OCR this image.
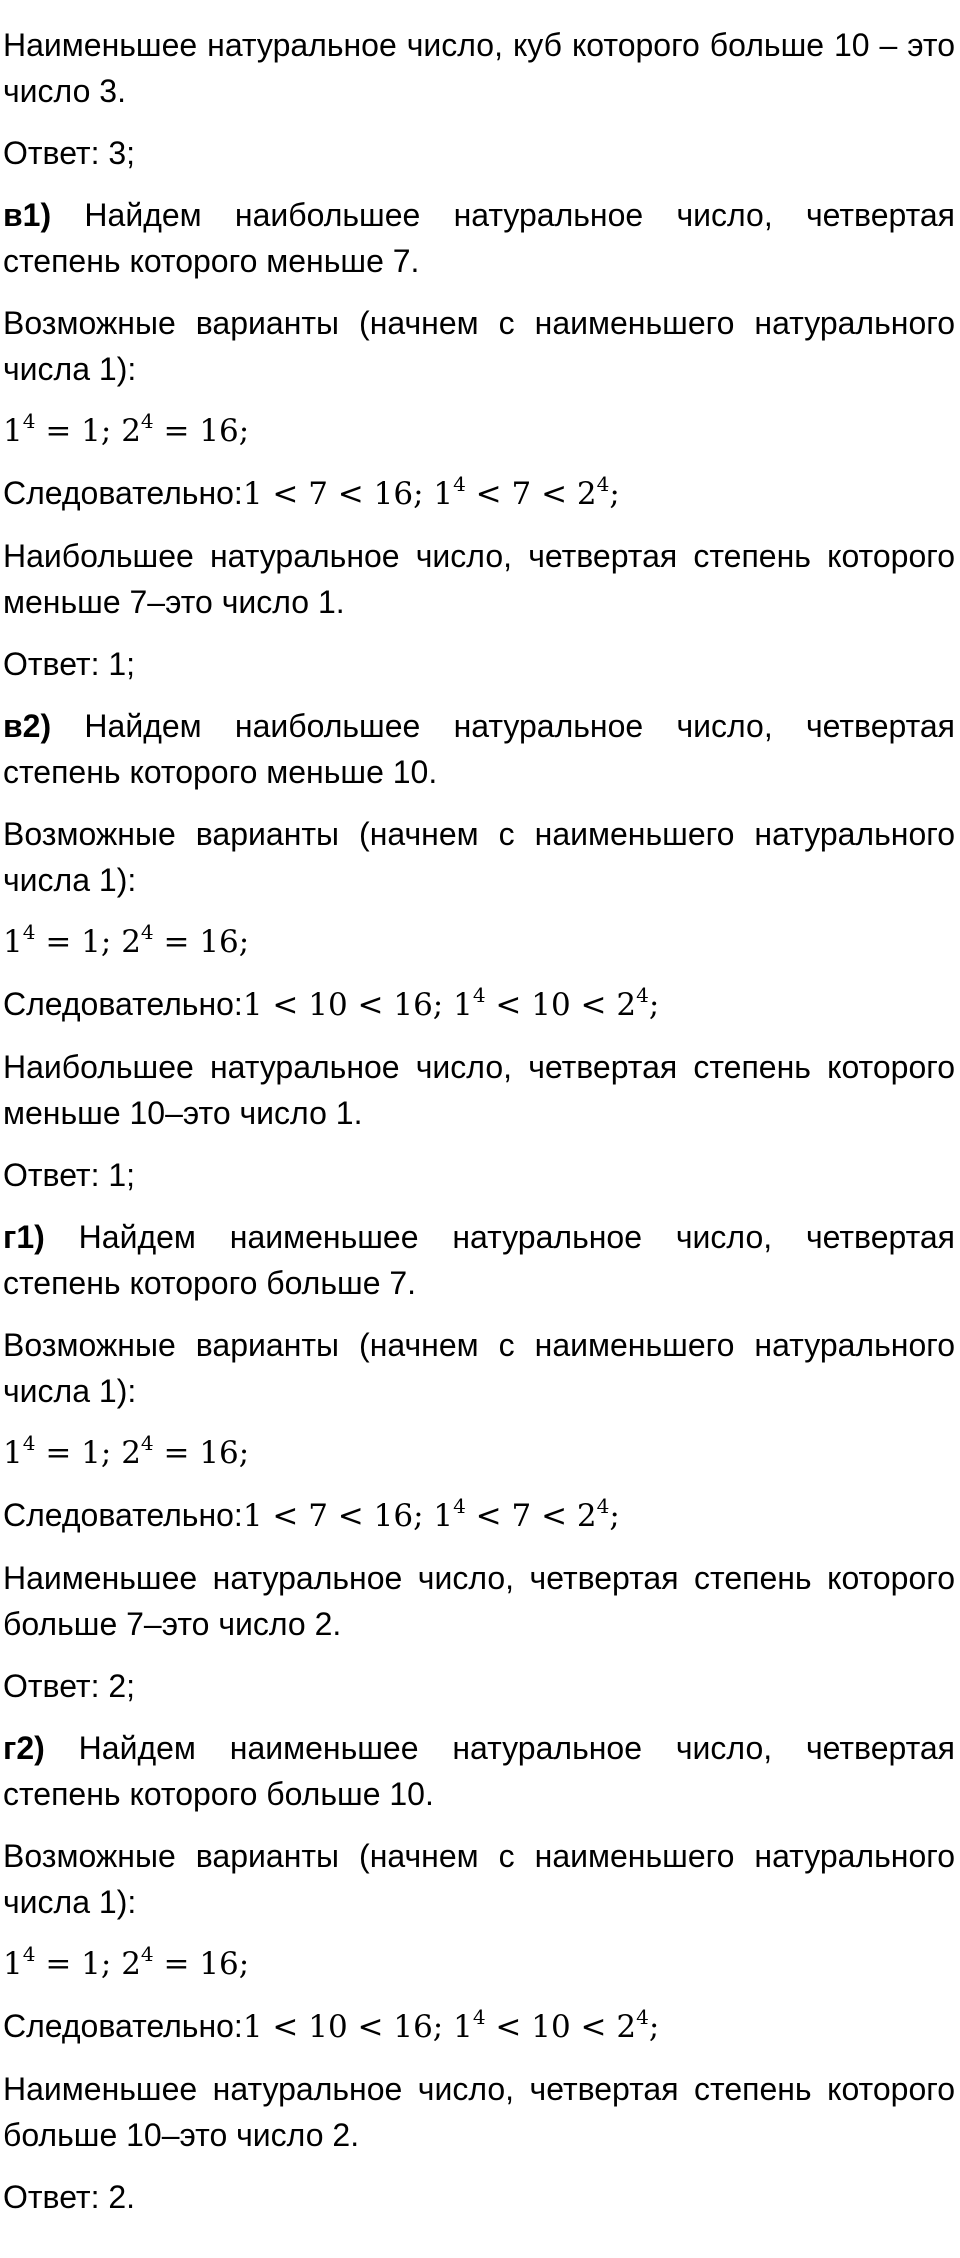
Наименьшее натуральное число, куб которого больше 10 – это число 3.

Ответ: 3;

в1) Найдем наибольшее натуральное число, четвертая степень которого меньше 7.

Возможные варианты (начнем с наименьшего натурального числа 1):

$1^4 = 1$; $2^4 = 16$;

Следовательно:1 < 7 < 16; $1^4 < 7 < 2^4$;

Наибольшее натуральное число, четвертая степень которого меньше 7–это число 1.

Ответ: 1;

в2) Найдем наибольшее натуральное число, четвертая степень которого меньше 10.

Возможные варианты (начнем с наименьшего натурального числа 1):

$1^4 = 1$; $2^4 = 16$;

Следовательно:1 < 10 < 16; $1^4 < 10 < 2^4$;

Наибольшее натуральное число, четвертая степень которого меньше 10–это число 1.

Ответ: 1;

г1) Найдем наименьшее натуральное число, четвертая степень которого больше 7.

Возможные варианты (начнем с наименьшего натурального числа 1):

$1^4 = 1$; $2^4 = 16$;

Следовательно:1 < 7 < 16; $1^4 < 7 < 2^4$;

Наименьшее натуральное число, четвертая степень которого больше 7–это число 2.

Ответ: 2;

г2) Найдем наименьшее натуральное число, четвертая степень которого больше 10.

Возможные варианты (начнем с наименьшего натурального числа 1):

$1^4 = 1$; $2^4 = 16$;

Следовательно:1 < 10 < 16; $1^4 < 10 < 2^4$;

Наименьшее натуральное число, четвертая степень которого больше 10–это число 2.

Ответ: 2.
